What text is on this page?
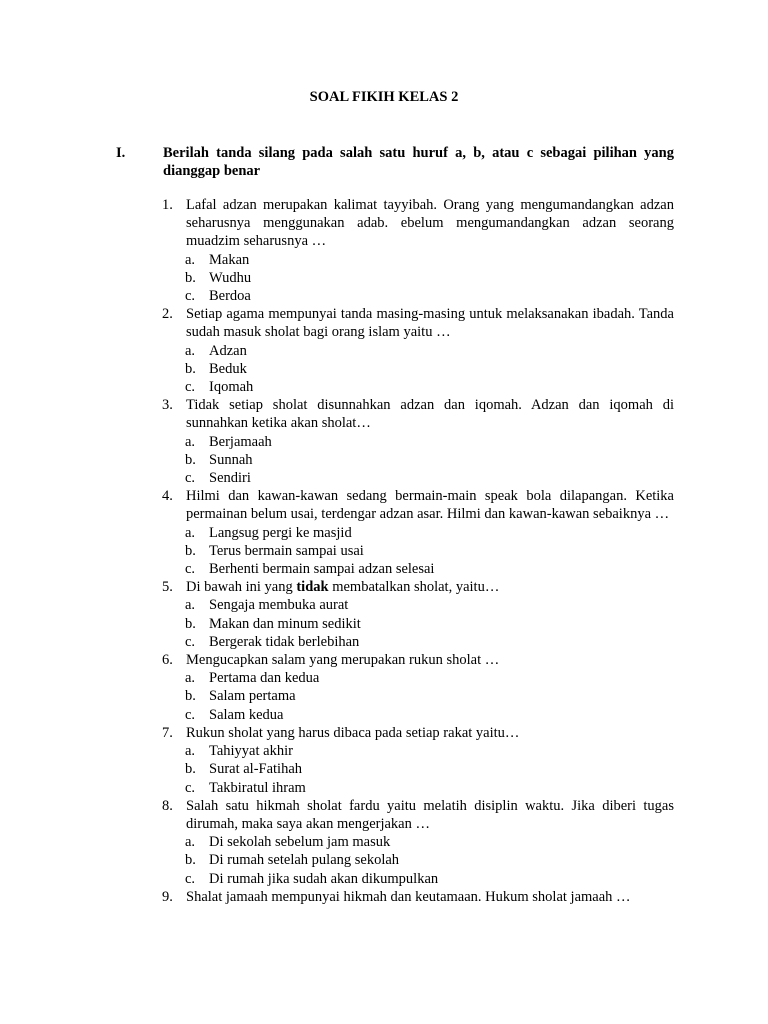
SOAL FIKIH KELAS 2
I.	Berilah tanda silang pada salah satu huruf a, b, atau c sebagai pilihan yang dianggap benar
1. Lafal adzan merupakan kalimat tayyibah. Orang yang mengumandangkan adzan seharusnya menggunakan adab. ebelum mengumandangkan adzan seorang muadzim seharusnya …
a. Makan
b. Wudhu
c. Berdoa
2. Setiap agama mempunyai tanda masing-masing untuk melaksanakan ibadah. Tanda sudah masuk sholat bagi orang islam yaitu …
a. Adzan
b. Beduk
c. Iqomah
3. Tidak setiap sholat disunnahkan adzan dan iqomah. Adzan dan iqomah di sunnahkan ketika akan sholat…
a. Berjamaah
b. Sunnah
c. Sendiri
4. Hilmi dan kawan-kawan sedang bermain-main speak bola dilapangan. Ketika permainan belum usai, terdengar adzan asar. Hilmi dan kawan-kawan sebaiknya …
a. Langsug pergi ke masjid
b. Terus bermain sampai usai
c. Berhenti bermain sampai adzan selesai
5. Di bawah ini yang tidak membatalkan sholat, yaitu…
a. Sengaja membuka aurat
b. Makan dan minum sedikit
c. Bergerak tidak berlebihan
6. Mengucapkan salam yang merupakan rukun sholat …
a. Pertama dan kedua
b. Salam pertama
c. Salam kedua
7. Rukun sholat yang harus dibaca pada setiap rakat yaitu…
a. Tahiyyat akhir
b. Surat al-Fatihah
c. Takbiratul ihram
8. Salah satu hikmah sholat fardu yaitu melatih disiplin waktu. Jika diberi tugas dirumah, maka saya akan mengerjakan …
a. Di sekolah sebelum jam masuk
b. Di rumah setelah pulang sekolah
c. Di rumah jika sudah akan dikumpulkan
9. Shalat jamaah mempunyai hikmah dan keutamaan. Hukum sholat jamaah …
